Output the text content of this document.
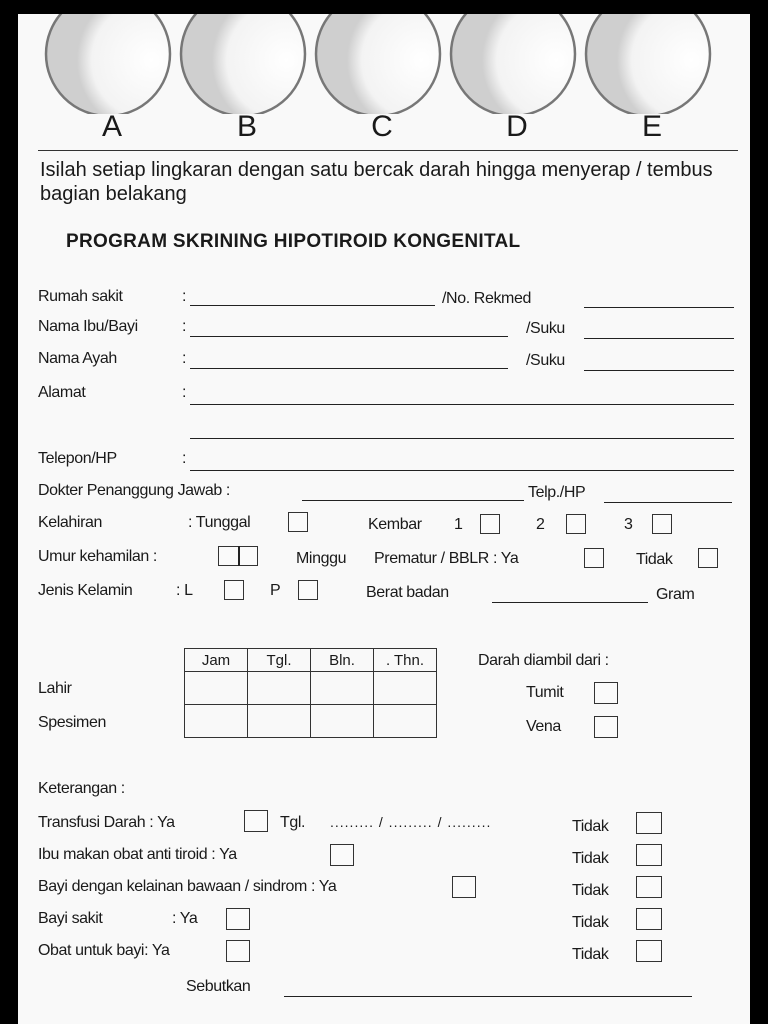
A	B	C	D	E
Isilah setiap lingkaran dengan satu bercak darah hingga menyerap / tembus bagian belakang
PROGRAM SKRINING HIPOTIROID KONGENITAL
Rumah sakit	:	/No. Rekmed
Nama Ibu/Bayi	:	/Suku
Nama Ayah	:	/Suku
Alamat	:
Telepon/HP	:
Dokter Penanggung Jawab :	Telp./HP
Kelahiran	: Tunggal	Kembar 1	2	3
Umur kehamilan :	Minggu Prematur / BBLR : Ya	Tidak
Jenis Kelamin	: L	P	Berat badan	Gram
Jam	Tgl.	Bln.	. Thn.

Lahir
Spesimen
Darah diambil dari :
Tumit
Vena
Keterangan :
Transfusi Darah : Ya	Tgl. ......... / ......... / .........	Tidak
Ibu makan obat anti tiroid : Ya	Tidak
Bayi dengan kelainan bawaan / sindrom : Ya	Tidak
Bayi sakit	: Ya	Tidak
Obat untuk bayi: Ya	Tidak
Sebutkan
